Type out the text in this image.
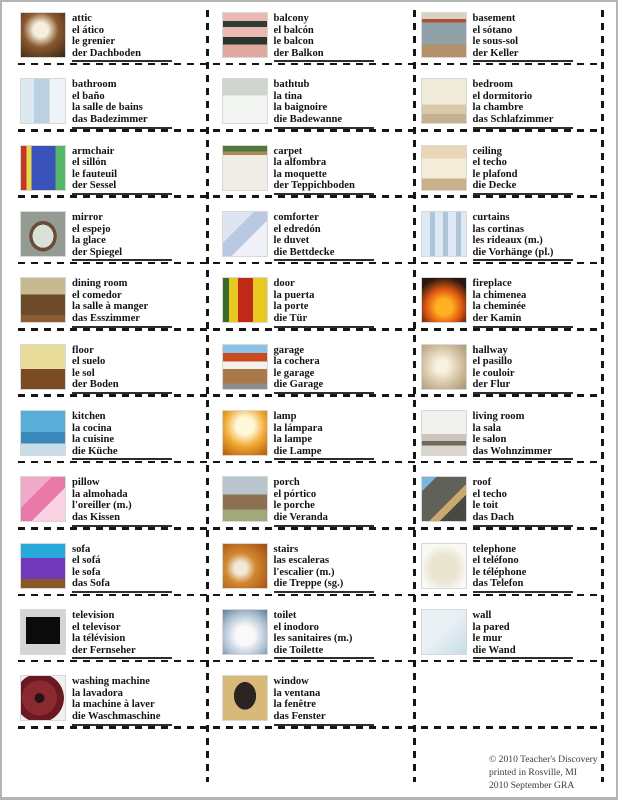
attic
el ático
le grenier
der Dachboden
balcony
el balcón
le balcon
der Balkon
basement
el sótano
le sous-sol
der Keller
bathroom
el baño
la salle de bains
das Badezimmer
bathtub
la tina
la baignoire
die Badewanne
bedroom
el dormitorio
la chambre
das Schlafzimmer
armchair
el sillón
le fauteuil
der Sessel
carpet
la alfombra
la moquette
der Teppichboden
ceiling
el techo
le plafond
die Decke
mirror
el espejo
la glace
der Spiegel
comforter
el edredón
le duvet
die Bettdecke
curtains
las cortinas
les rideaux (m.)
die Vorhänge (pl.)
dining room
el comedor
la salle à manger
das Esszimmer
door
la puerta
la porte
die Tür
fireplace
la chimenea
la cheminée
der Kamin
floor
el suelo
le sol
der Boden
garage
la cochera
le garage
die Garage
hallway
el pasillo
le couloir
der Flur
kitchen
la cocina
la cuisine
die Küche
lamp
la lámpara
la lampe
die Lampe
living room
la sala
le salon
das Wohnzimmer
pillow
la almohada
l'oreiller (m.)
das Kissen
porch
el pórtico
le porche
die Veranda
roof
el techo
le toit
das Dach
sofa
el sofá
le sofa
das Sofa
stairs
las escaleras
l'escalier (m.)
die Treppe (sg.)
telephone
el teléfono
le téléphone
das Telefon
television
el televisor
la télévision
der Fernseher
toilet
el inodoro
les sanitaires (m.)
die Toilette
wall
la pared
le mur
die Wand
washing machine
la lavadora
la machine à laver
die Waschmaschine
window
la ventana
la fenêtre
das Fenster
© 2010 Teacher's Discovery
printed in Rosville, MI
2010 September GRA
